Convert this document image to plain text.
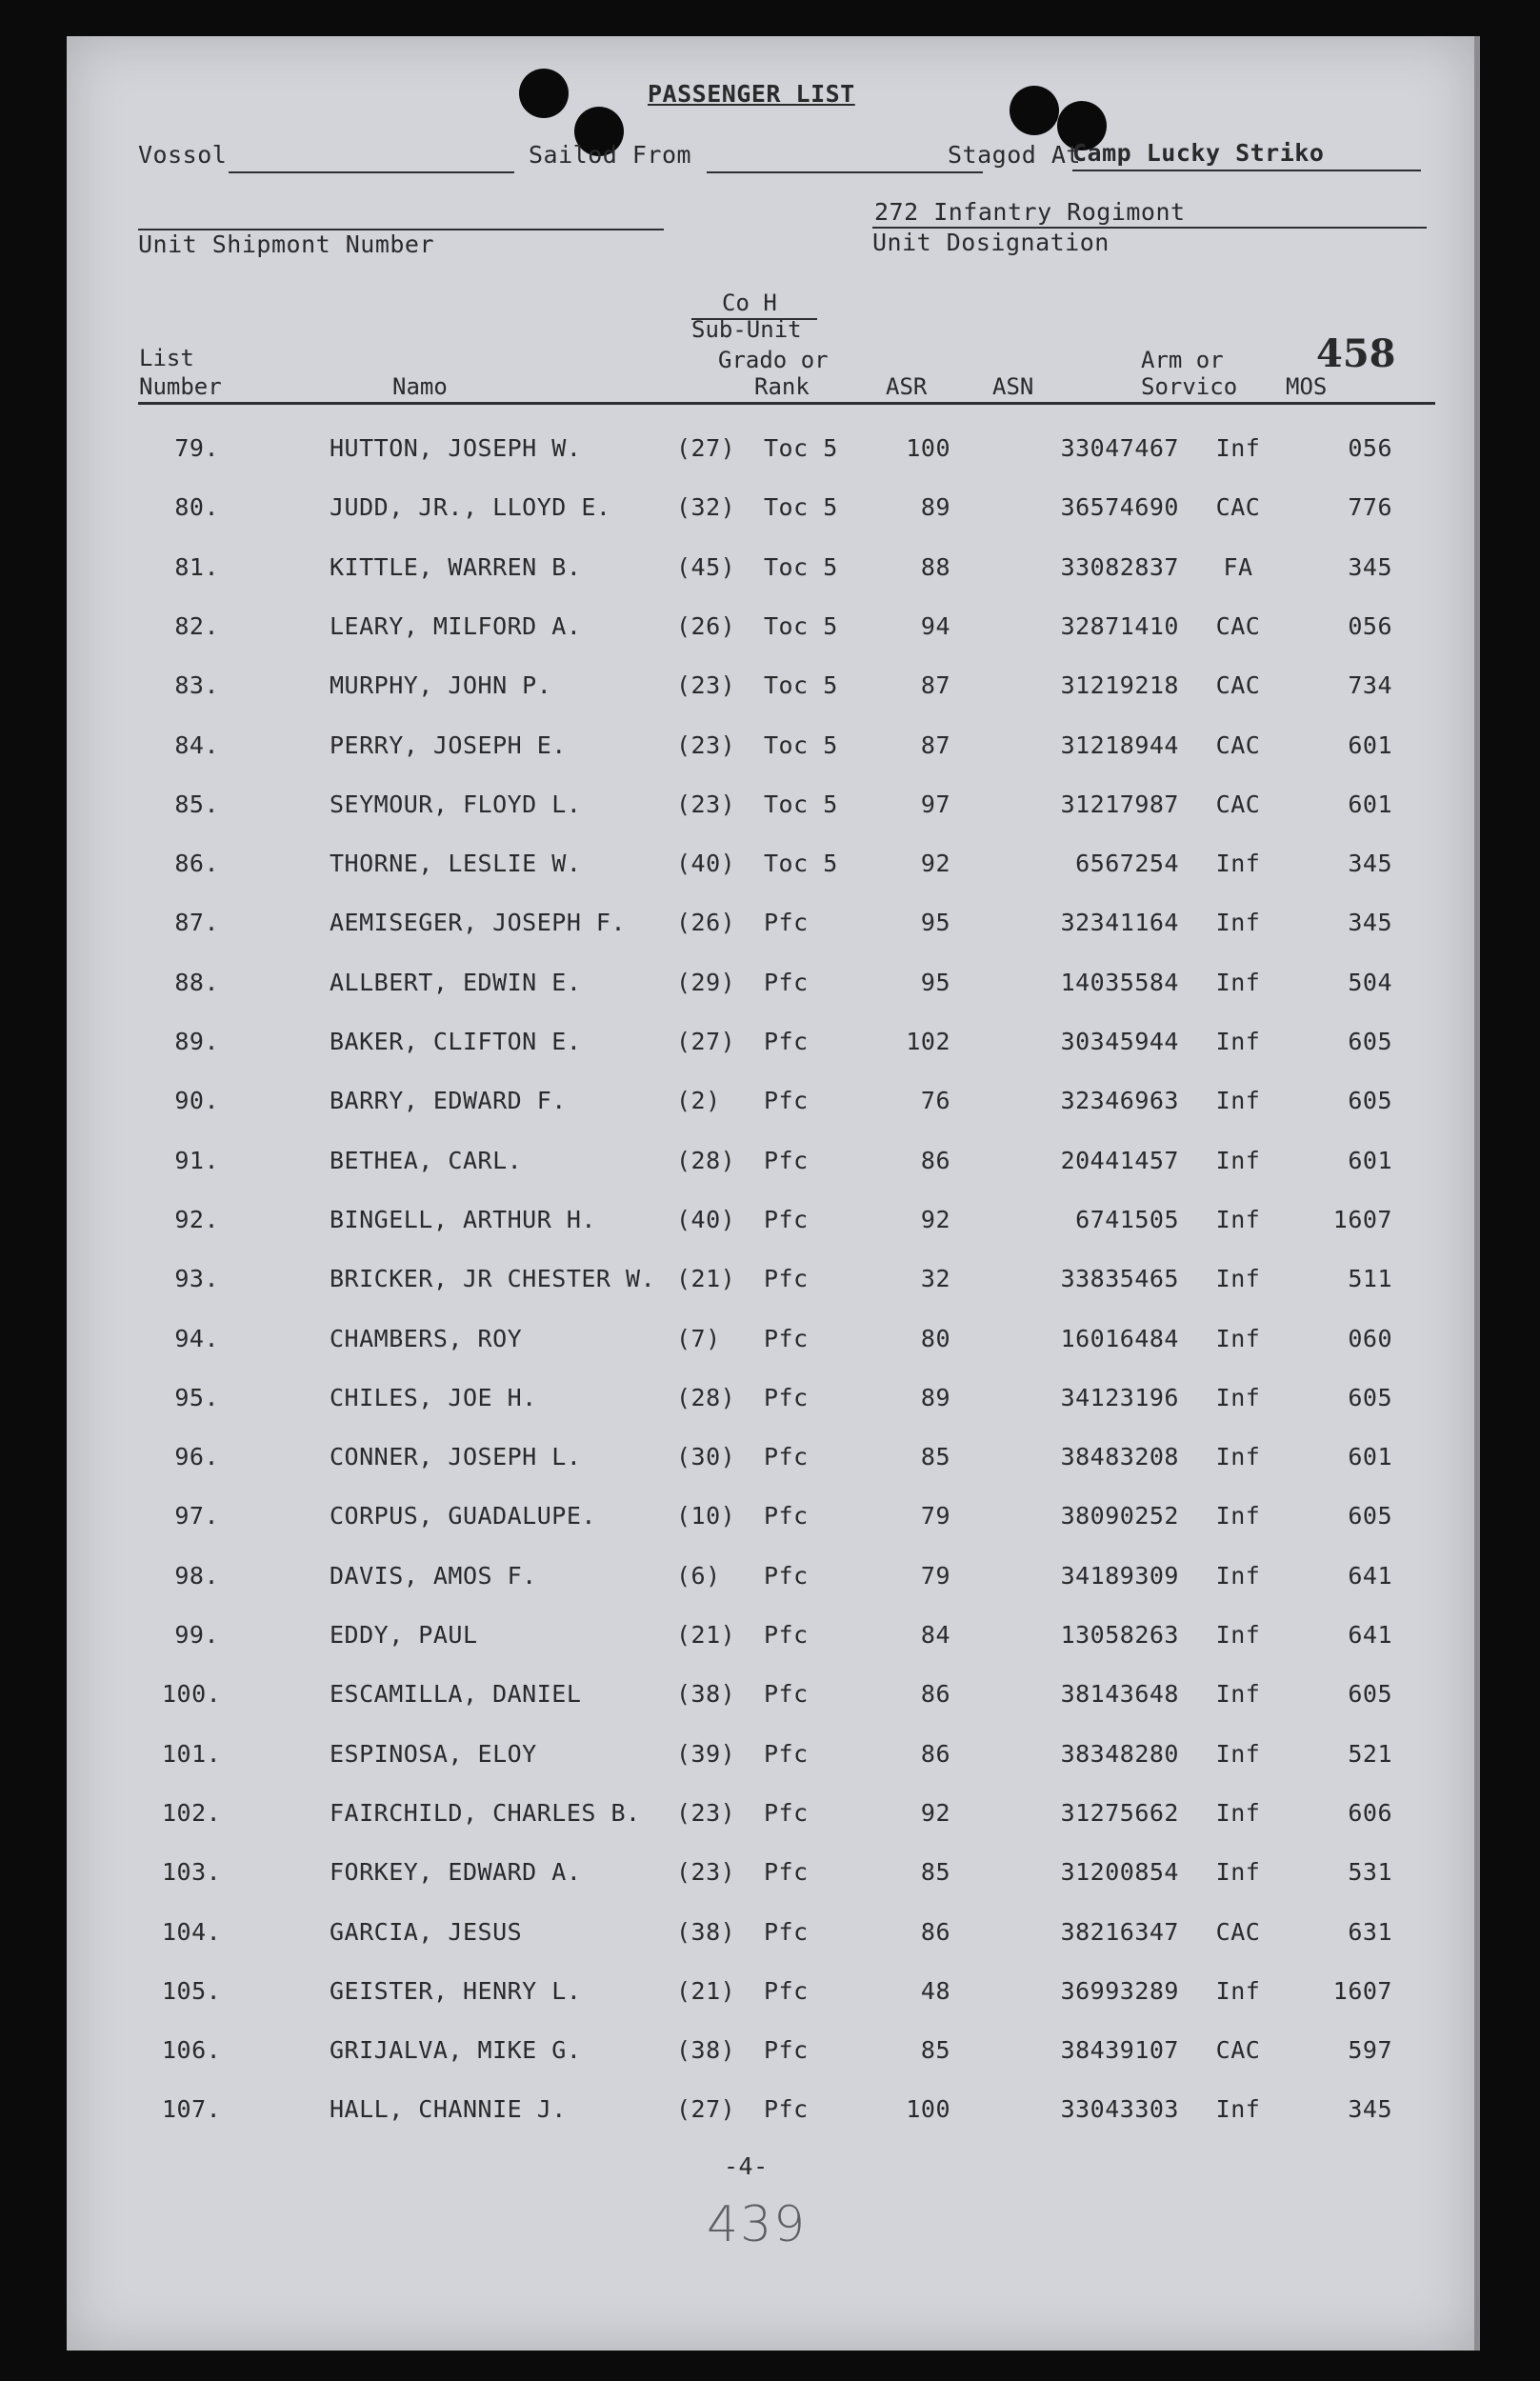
PASSENGER LIST
Vossol	Sailod From	Stagod At
Camp Lucky Striko
272 Infantry Rogimont
Unit Dosignation
Unit Shipmont Number
Co H
Sub-Unit
List
Number	Namo
Grado or
Rank	ASR	ASN
Arm or
Sorvico MOS
458
79.	HUTTON, JOSEPH W.	(27) Toc 5	100	33047467	Inf	056
80.	JUDD, JR., LLOYD E.	(32) Toc 5	89	36574690	CAC	776
81.	KITTLE, WARREN B.	(45) Toc 5	88	33082837	FA	345
82.	LEARY, MILFORD A.	(26) Toc 5	94	32871410	CAC	056
83.	MURPHY, JOHN P.	(23) Toc 5	87	31219218	CAC	734
84.	PERRY, JOSEPH E.	(23) Toc 5	87	31218944	CAC	601
85.	SEYMOUR, FLOYD L.	(23) Toc 5	97	31217987	CAC	601
86.	THORNE, LESLIE W.	(40) Toc 5	92	6567254	Inf	345
87.	AEMISEGER, JOSEPH F. (26) Pfc	95	32341164	Inf	345
88.	ALLBERT, EDWIN E.	(29) Pfc	95	14035584	Inf	504
89.	BAKER, CLIFTON E.	(27) Pfc	102	30345944	Inf	605
90.	BARRY, EDWARD F.	(2) Pfc	76	32346963	Inf	605
91.	BETHEA, CARL.	(28) Pfc	86	20441457	Inf	601
92.	BINGELL, ARTHUR H.	(40) Pfc	92	6741505	Inf	1607
93.	BRICKER, JR CHESTER W. (21) Pfc	32	33835465	Inf	511
94.	CHAMBERS, ROY	(7) Pfc	80	16016484	Inf	060
95.	CHILES, JOE H.	(28) Pfc	89	34123196	Inf	605
96.	CONNER, JOSEPH L.	(30) Pfc	85	38483208	Inf	601
97.	CORPUS, GUADALUPE.	(10) Pfc	79	38090252	Inf	605
98.	DAVIS, AMOS F.	(6) Pfc	79	34189309	Inf	641
99.	EDDY, PAUL	(21) Pfc	84	13058263	Inf	641
100.	ESCAMILLA, DANIEL	(38) Pfc	86	38143648	Inf	605
101.	ESPINOSA, ELOY	(39) Pfc	86	38348280	Inf	521
102.	FAIRCHILD, CHARLES B. (23) Pfc	92	31275662	Inf	606
103.	FORKEY, EDWARD A.	(23) Pfc	85	31200854	Inf	531
104.	GARCIA, JESUS	(38) Pfc	86	38216347	CAC	631
105.	GEISTER, HENRY L.	(21) Pfc	48	36993289	Inf	1607
106.	GRIJALVA, MIKE G.	(38) Pfc	85	38439107	CAC	597
107.	HALL, CHANNIE J.	(27) Pfc	100	33043303	Inf	345
-4-
439
